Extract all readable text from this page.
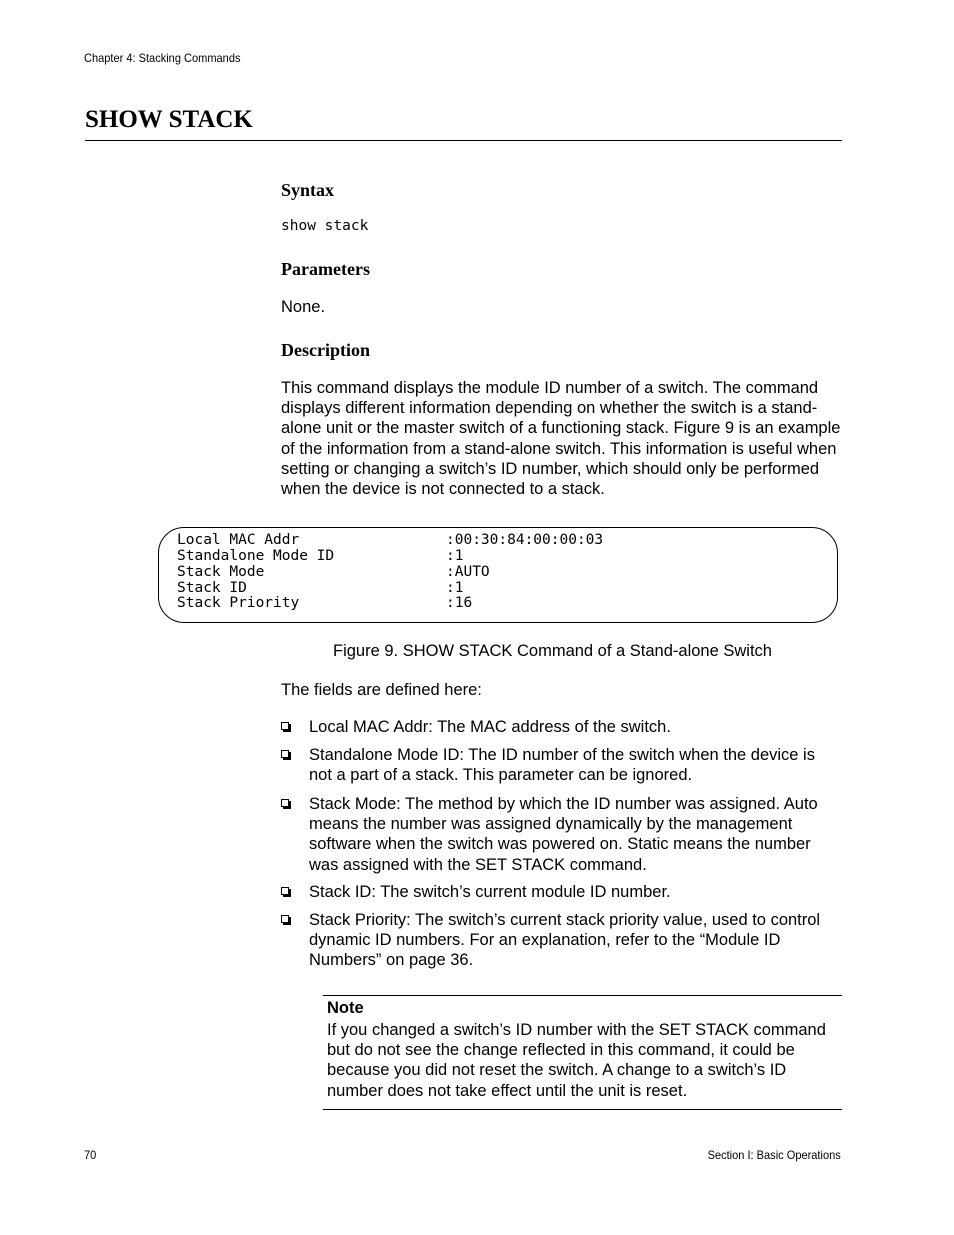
Chapter 4: Stacking Commands
SHOW STACK
Syntax
show stack
Parameters
None.
Description
This command displays the module ID number of a switch. The command displays different information depending on whether the switch is a stand-alone unit or the master switch of a functioning stack. Figure 9 is an example of the information from a stand-alone switch. This information is useful when setting or changing a switch’s ID number, which should only be performed when the device is not connected to a stack.
Local MAC Addr	:00:30:84:00:00:03
Standalone Mode ID	:1
Stack Mode	:AUTO
Stack ID	:1
Stack Priority	:16
Figure 9. SHOW STACK Command of a Stand-alone Switch
The fields are defined here:
Local MAC Addr: The MAC address of the switch.
Standalone Mode ID: The ID number of the switch when the device is not a part of a stack. This parameter can be ignored.
Stack Mode: The method by which the ID number was assigned. Auto means the number was assigned dynamically by the management software when the switch was powered on. Static means the number was assigned with the SET STACK command.
Stack ID: The switch’s current module ID number.
Stack Priority: The switch’s current stack priority value, used to control dynamic ID numbers. For an explanation, refer to the “Module ID Numbers” on page 36.
Note
If you changed a switch’s ID number with the SET STACK command but do not see the change reflected in this command, it could be because you did not reset the switch. A change to a switch’s ID number does not take effect until the unit is reset.
70	Section I: Basic Operations
